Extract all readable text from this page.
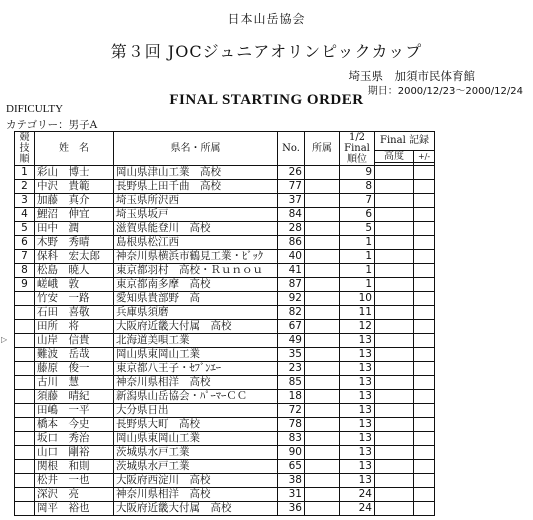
日本山岳協会
第３回 JOCジュニアオリンピックカップ
埼玉県　加須市民体育館
期日：2000/12/23〜2000/12/24
FINAL STARTING ORDER
DIFICULTY
カテゴリー：男子A
▷
競技順	姓　名	県名・所属	No.	所属	1/2 Final 順位	Final 記録	
						高度	+/-

1	彩山　博士	岡山県津山工業　高校	26		9		
2	中沢　貴範	長野県上田千曲　高校	77		8		
3	加藤　真介	埼玉県所沢西	37		7		
4	鯉沼　伸宜	埼玉県坂戸	84		6		
5	田中　潤	滋賀県能登川　高校	28		5		
6	木野　秀晴	島根県松江西	86		1		
7	保科　宏太郎	神奈川県横浜市鶴見工業・ﾋﾞｯｸ	40		1		
8	松島　暁人	東京都羽村　高校・Ｒｕｎｏｕ	41		1		
9	嵯峨　敦	東京都南多摩　高校	87		1		
	竹安　一路	愛知県貴部野　高	92		10		
	石田　喜敬	兵庫県須磨	82		11		
	田所　将	大阪府近畿大付属　高校	67		12		
	山岸　信貴	北海道美唄工業	49		13		
	難波　岳哉	岡山県東岡山工業	35		13		
	藤原　俊一	東京都八王子・ｾﾌﾞﾝｴｰ	23		13		
	古川　慧	神奈川県相洋　高校	85		13		
	須藤　晴紀	新潟県山岳協会・ﾊﾟｰﾏｰＣＣ	18		13		
	田嶋　一平	大分県日出	72		13		
	橋本　今史	長野県大町　高校	78		13		
	坂口　秀治	岡山県東岡山工業	83		13		
	山口　剛裕	茨城県水戸工業	90		13		
	関根　和則	茨城県水戸工業	65		13		
	松井　一也	大阪府西淀川　高校	38		13		
	深沢　亮	神奈川県相洋　高校	31		24		
	岡平　裕也	大阪府近畿大付属　高校	36		24		
